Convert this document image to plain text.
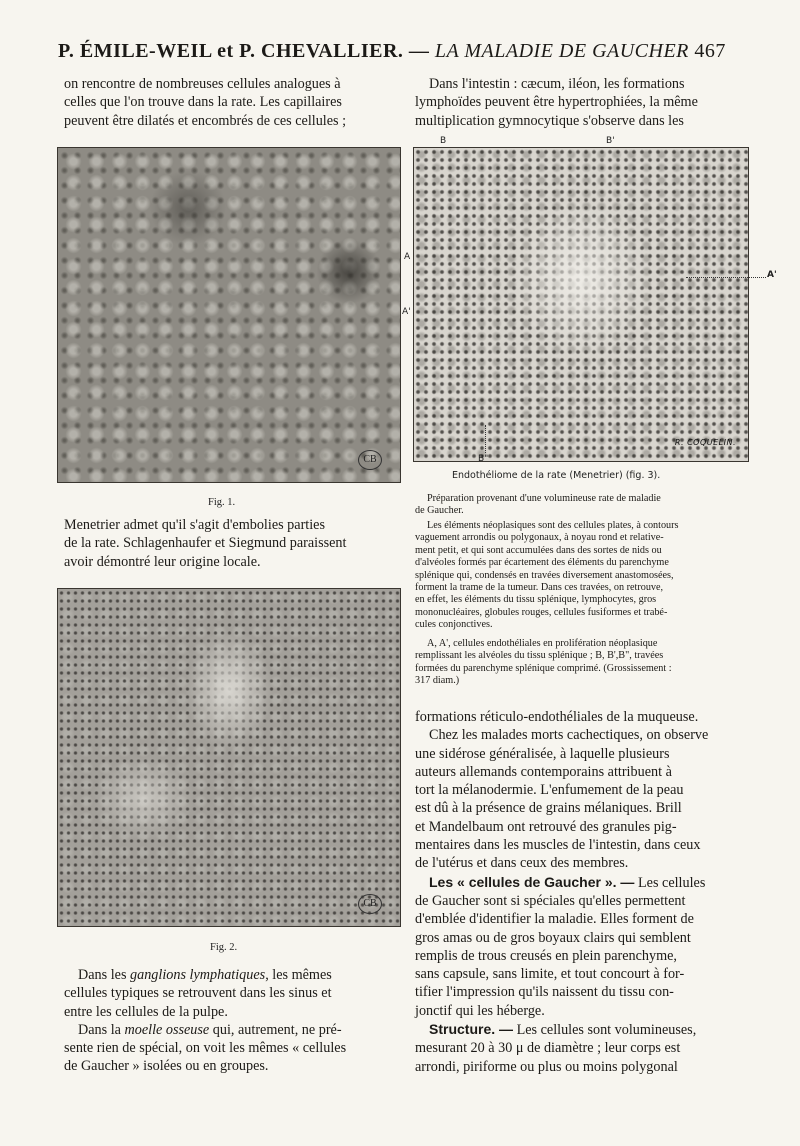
P. ÉMILE-WEIL et P. CHEVALLIER. — LA MALADIE DE GAUCHER 467

on rencontre de nombreuses cellules analogues à

celles que l'on trouve dans la rate. Les capillaires

peuvent être dilatés et encombrés de ces cellules ;

CB
Fig. 1.

Menetrier admet qu'il s'agit d'embolies parties

de la rate. Schlagenhaufer et Siegmund paraissent

avoir démontré leur origine locale.

CB
Fig. 2.

Dans les ganglions lymphatiques, les mêmes

cellules typiques se retrouvent dans les sinus et

entre les cellules de la pulpe.

Dans la moelle osseuse qui, autrement, ne pré-

sente rien de spécial, on voit les mêmes « cellules

de Gaucher » isolées ou en groupes.

Dans l'intestin : cæcum, iléon, les formations

lymphoïdes peuvent être hypertrophiées, la même

multiplication gymnocytique s'observe dans les

B	B'
R. COQUELIN.
A
A'
A'
B"
Endothéliome de la rate (Menetrier) (fig. 3).
Préparation provenant d'une volumineuse rate de maladie
de Gaucher.
Les éléments néoplasiques sont des cellules plates, à contours
vaguement arrondis ou polygonaux, à noyau rond et relative-
ment petit, et qui sont accumulées dans des sortes de nids ou
d'alvéoles formés par écartement des éléments du parenchyme
splénique qui, condensés en travées diversement anastomosées,
forment la trame de la tumeur. Dans ces travées, on retrouve,
en effet, les éléments du tissu splénique, lymphocytes, gros
mononucléaires, globules rouges, cellules fusiformes et trabé-
cules conjonctives.
A, A', cellules endothéliales en prolifération néoplasique
remplissant les alvéoles du tissu splénique ; B, B',B", travées
formées du parenchyme splénique comprimé. (Grossissement :
317 diam.)

formations réticulo-endothéliales de la muqueuse.

Chez les malades morts cachectiques, on observe

une sidérose généralisée, à laquelle plusieurs

auteurs allemands contemporains attribuent à

tort la mélanodermie. L'enfumement de la peau

est dû à la présence de grains mélaniques. Brill

et Mandelbaum ont retrouvé des granules pig-

mentaires dans les muscles de l'intestin, dans ceux

de l'utérus et dans ceux des membres.

Les « cellules de Gaucher ». — Les cellules

de Gaucher sont si spéciales qu'elles permettent

d'emblée d'identifier la maladie. Elles forment de

gros amas ou de gros boyaux clairs qui semblent

remplis de trous creusés en plein parenchyme,

sans capsule, sans limite, et tout concourt à for-

tifier l'impression qu'ils naissent du tissu con-

jonctif qui les héberge.

Structure. — Les cellules sont volumineuses,

mesurant 20 à 30 μ de diamètre ; leur corps est

arrondi, piriforme ou plus ou moins polygonal
